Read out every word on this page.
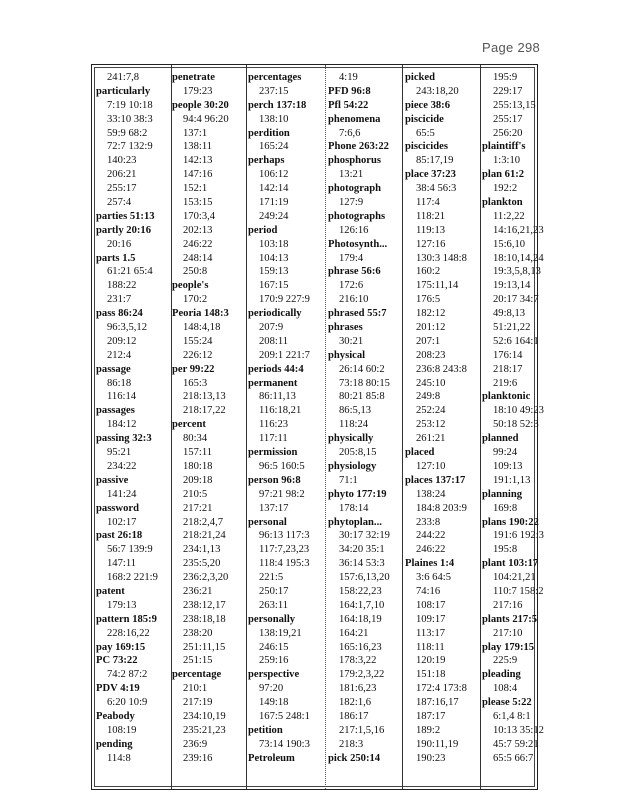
Page 298
241:7,8
particularly
7:19 10:18
33:10 38:3
59:9 68:2
72:7 132:9
140:23
206:21
255:17
257:4
parties 51:13
partly 20:16
20:16
parts 1.5
61:21 65:4
188:22
231:7
pass 86:24
96:3,5,12
209:12
212:4
passage
86:18
116:14
passages
184:12
passing 32:3
95:21
234:22
passive
141:24
password
102:17
past 26:18
56:7 139:9
147:11
168:2 221:9
patent
179:13
pattern 185:9
228:16,22
pay 169:15
PC 73:22
74:2 87:2
PDV 4:19
6:20 10:9
Peabody
108:19
pending
114:8
penetrate
179:23
people 30:20
94:4 96:20
137:1
138:11
142:13
147:16
152:1
153:15
170:3,4
202:13
246:22
248:14
250:8
people's
170:2
Peoria 148:3
148:4,18
155:24
226:12
per 99:22
165:3
218:13,13
218:17,22
percent
80:34
157:11
180:18
209:18
210:5
217:21
218:2,4,7
218:21,24
234:1,13
235:5,20
236:2,3,20
236:21
238:12,17
238:18,18
238:20
251:11,15
251:15
percentage
210:1
217:19
234:10,19
235:21,23
236:9
239:16
percentages
237:15
perch 137:18
138:10
perdition
165:24
perhaps
106:12
142:14
171:19
249:24
period
103:18
104:13
159:13
167:15
170:9 227:9
periodically
207:9
208:11
209:1 221:7
periods 44:4
permanent
86:11,13
116:18,21
116:23
117:11
permission
96:5 160:5
person 96:8
97:21 98:2
137:17
personal
96:13 117:3
117:7,23,23
118:4 195:3
221:5
250:17
263:11
personally
138:19,21
246:15
259:16
perspective
97:20
149:18
167:5 248:1
petition
73:14 190:3
Petroleum
4:19
PFD 96:8
Pfl 54:22
phenomena
7:6,6
Phone 263:22
phosphorus
13:21
photograph
127:9
photographs
126:16
Photosynth...
179:4
phrase 56:6
172:6
216:10
phrased 55:7
phrases
30:21
physical
26:14 60:2
73:18 80:15
80:21 85:8
86:5,13
118:24
physically
205:8,15
physiology
71:1
phyto 177:19
178:14
phytoplan...
30:17 32:19
34:20 35:1
36:14 53:3
157:6,13,20
158:22,23
164:1,7,10
164:18,19
164:21
165:16,23
178:3,22
179:2,3,22
181:6,23
182:1,6
186:17
217:1,5,16
218:3
pick 250:14
picked
243:18,20
piece 38:6
piscicide
65:5
piscicides
85:17,19
place 37:23
38:4 56:3
117:4
118:21
119:13
127:16
130:3 148:8
160:2
175:11,14
176:5
182:12
201:12
207:1
208:23
236:8 243:8
245:10
249:8
252:24
253:12
261:21
placed
127:10
places 137:17
138:24
184:8 203:9
233:8
244:22
246:22
Plaines 1:4
3:6 64:5
74:16
108:17
109:17
113:17
118:11
120:19
151:18
172:4 173:8
187:16,17
187:17
189:2
190:11,19
190:23
195:9
229:17
255:13,15
255:17
256:20
plaintiff's
1:3:10
plan 61:2
192:2
plankton
11:2,22
14:16,21,23
15:6,10
18:10,14,24
19:3,5,8,13
19:13,14
20:17 34:7
49:8,13
51:21,22
52:6 164:1
176:14
218:17
219:6
planktonic
18:10 49:23
50:18 52:3
planned
99:24
109:13
191:1,13
planning
169:8
plans 190:22
191:6 192:3
195:8
plant 103:17
104:21,21
110:7 158:2
217:16
plants 217:5
217:10
play 179:15
225:9
pleading
108:4
please 5:22
6:1,4 8:1
10:13 35:12
45:7 59:21
65:5 66:7
